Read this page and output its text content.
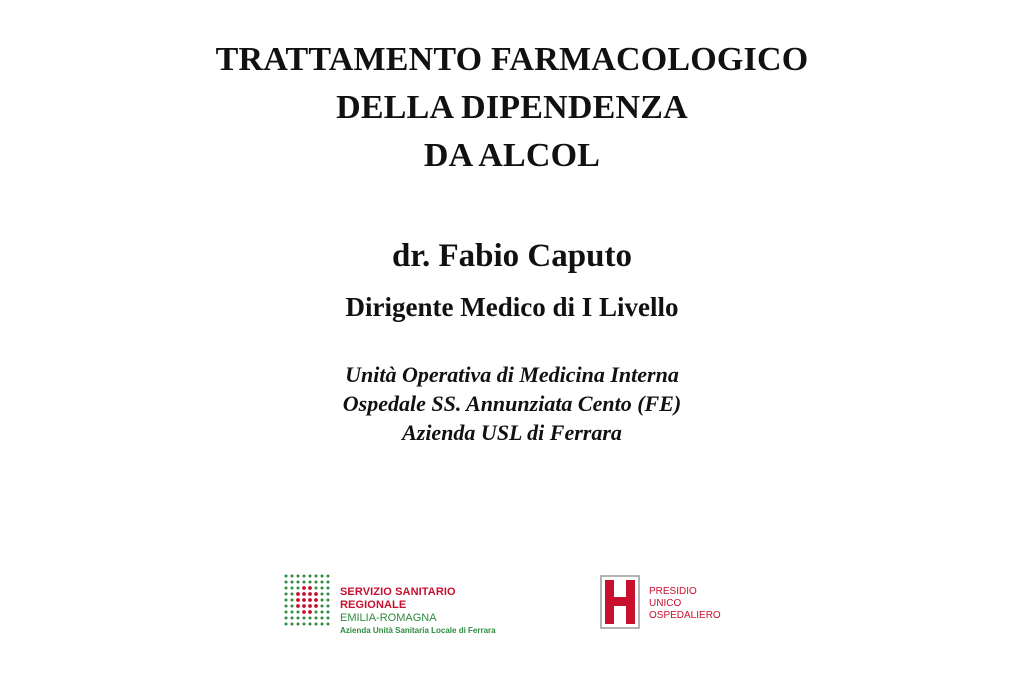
TRATTAMENTO FARMACOLOGICO
DELLA DIPENDENZA
DA ALCOL
dr. Fabio Caputo
Dirigente Medico di I Livello
Unità Operativa di Medicina Interna
Ospedale SS. Annunziata Cento (FE)
Azienda USL di Ferrara
SERVIZIO SANITARIO REGIONALE
EMILIA-ROMAGNA
Azienda Unità Sanitaria Locale di Ferrara
PRESIDIO
UNICO
OSPEDALIERO
